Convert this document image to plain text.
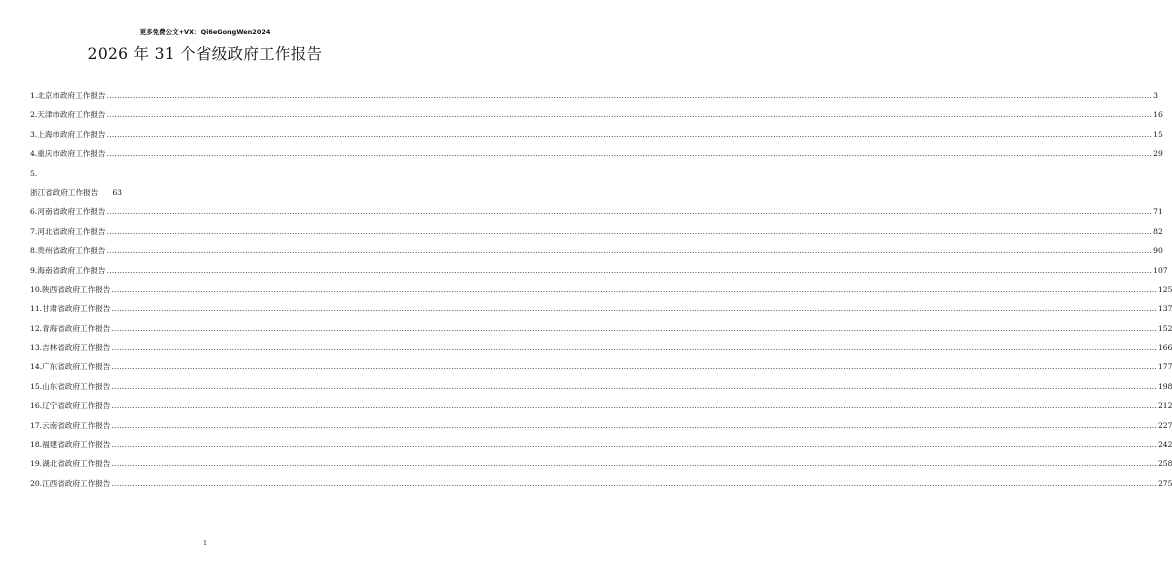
更多免费公文+VX：Qi6eGongWen2024
2026 年 31 个省级政府工作报告
1.北京市政府工作报告 ................................................................................................................................................................................................................................................................................................................................................................................................................ 3
2.天津市政府工作报告 ................................................................................................................................................................................................................................................................................................................................................................................................................ 16
3.上海市政府工作报告 ................................................................................................................................................................................................................................................................................................................................................................................................................ 15
4.重庆市政府工作报告 ................................................................................................................................................................................................................................................................................................................................................................................................................ 29
5.
浙江省政府工作报告 63
6.河南省政府工作报告 ................................................................................................................................................................................................................................................................................................................................................................................................................ 71
7.河北省政府工作报告 ................................................................................................................................................................................................................................................................................................................................................................................................................ 82
8.贵州省政府工作报告 ................................................................................................................................................................................................................................................................................................................................................................................................................ 90
9.海南省政府工作报告 ................................................................................................................................................................................................................................................................................................................................................................................................................ 107
10.陕西省政府工作报告 ................................................................................................................................................................................................................................................................................................................................................................................................................ 125
11.甘肃省政府工作报告 ................................................................................................................................................................................................................................................................................................................................................................................................................ 137
12.青海省政府工作报告 ................................................................................................................................................................................................................................................................................................................................................................................................................ 152
13.吉林省政府工作报告 ................................................................................................................................................................................................................................................................................................................................................................................................................ 166
14.广东省政府工作报告 ................................................................................................................................................................................................................................................................................................................................................................................................................ 177
15.山东省政府工作报告 ................................................................................................................................................................................................................................................................................................................................................................................................................ 198
16.辽宁省政府工作报告 ................................................................................................................................................................................................................................................................................................................................................................................................................ 212
17.云南省政府工作报告 ................................................................................................................................................................................................................................................................................................................................................................................................................ 227
18.福建省政府工作报告 ................................................................................................................................................................................................................................................................................................................................................................................................................ 242
19.湖北省政府工作报告 ................................................................................................................................................................................................................................................................................................................................................................................................................ 258
20.江西省政府工作报告 ................................................................................................................................................................................................................................................................................................................................................................................................................ 275
1
